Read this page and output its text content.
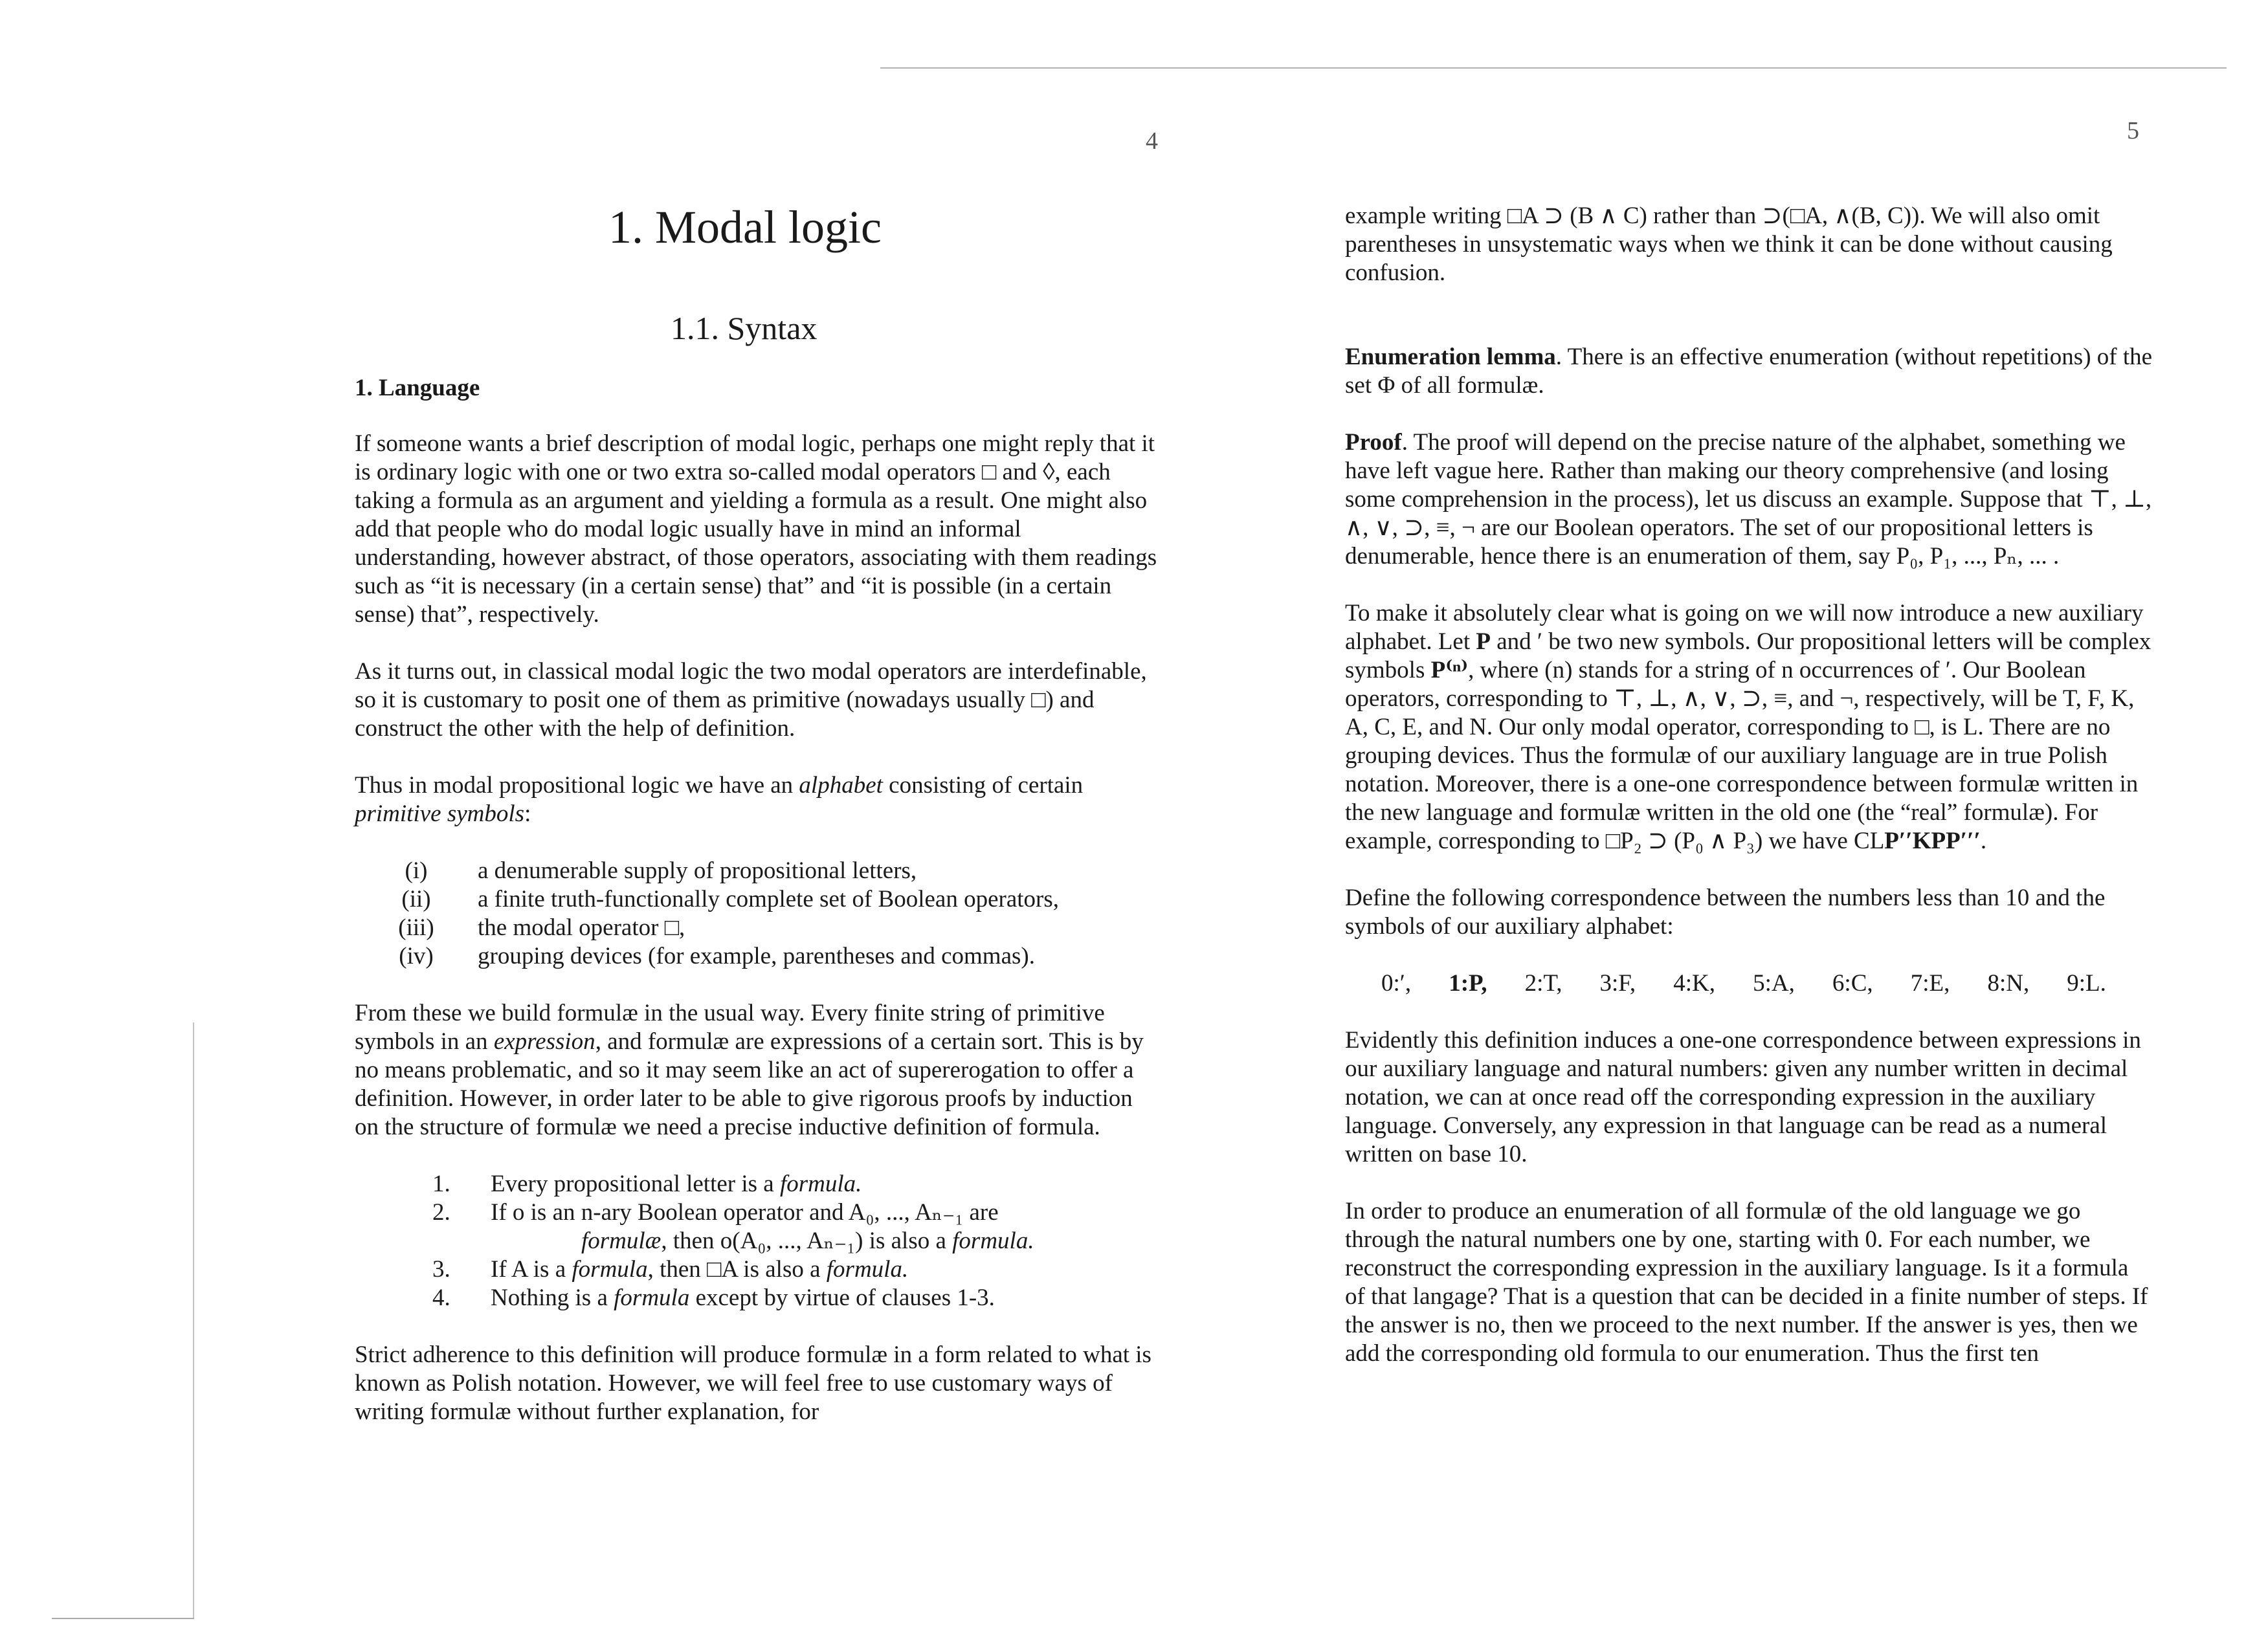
4
1. Modal logic
1.1. Syntax
1. Language

If someone wants a brief description of modal logic, perhaps one might reply that it is ordinary logic with one or two extra so-called modal operators □ and ◊, each taking a formula as an argument and yielding a formula as a result. One might also add that people who do modal logic usually have in mind an informal understanding, however abstract, of those operators, associating with them readings such as “it is necessary (in a certain sense) that” and “it is possible (in a certain sense) that”, respectively.

As it turns out, in classical modal logic the two modal operators are interdefinable, so it is customary to posit one of them as primitive (nowadays usually □) and construct the other with the help of definition.

Thus in modal propositional logic we have an alphabet consisting of certain primitive symbols:

(i)	a denumerable supply of propositional letters,
(ii)	a finite truth-functionally complete set of Boolean operators,
(iii)	the modal operator □,
(iv)	grouping devices (for example, parentheses and commas).

From these we build formulæ in the usual way. Every finite string of primitive symbols in an expression, and formulæ are expressions of a certain sort. This is by no means problematic, and so it may seem like an act of supererogation to offer a definition. However, in order later to be able to give rigorous proofs by induction on the structure of formulæ we need a precise inductive definition of formula.

1.	Every propositional letter is a formula.
2.	If o is an n-ary Boolean operator and A₀, ..., Aₙ₋₁ are
formulæ, then o(A₀, ..., Aₙ₋₁) is also a formula.
3.	If A is a formula, then □A is also a formula.
4.	Nothing is a formula except by virtue of clauses 1-3.

Strict adherence to this definition will produce formulæ in a form related to what is known as Polish notation. However, we will feel free to use customary ways of writing formulæ without further explanation, for

5

example writing □A ⊃ (B ∧ C) rather than ⊃(□A, ∧(B, C)). We will also omit parentheses in unsystematic ways when we think it can be done without causing confusion.

Enumeration lemma. There is an effective enumeration (without repetitions) of the set Φ of all formulæ.

Proof. The proof will depend on the precise nature of the alphabet, something we have left vague here. Rather than making our theory comprehensive (and losing some comprehension in the process), let us discuss an example. Suppose that ⊤, ⊥, ∧, ∨, ⊃, ≡, ¬ are our Boolean operators. The set of our propositional letters is denumerable, hence there is an enumeration of them, say P₀, P₁, ..., Pₙ, ... .

To make it absolutely clear what is going on we will now introduce a new auxiliary alphabet. Let P and ′ be two new symbols. Our propositional letters will be complex symbols P⁽ⁿ⁾, where (n) stands for a string of n occurrences of ′. Our Boolean operators, corresponding to ⊤, ⊥, ∧, ∨, ⊃, ≡, and ¬, respectively, will be T, F, K, A, C, E, and N. Our only modal operator, corresponding to □, is L. There are no grouping devices. Thus the formulæ of our auxiliary language are in true Polish notation. Moreover, there is a one-one correspondence between formulæ written in the new language and formulæ written in the old one (the “real” formulæ). For example, corresponding to □P₂ ⊃ (P₀ ∧ P₃) we have CLP′′KPP′′′.

Define the following correspondence between the numbers less than 10 and the symbols of our auxiliary alphabet:

0:′, 1:P, 2:T, 3:F, 4:K, 5:A, 6:C, 7:E, 8:N, 9:L.

Evidently this definition induces a one-one correspondence between expressions in our auxiliary language and natural numbers: given any number written in decimal notation, we can at once read off the corresponding expression in the auxiliary language. Conversely, any expression in that language can be read as a numeral written on base 10.

In order to produce an enumeration of all formulæ of the old language we go through the natural numbers one by one, starting with 0. For each number, we reconstruct the corresponding expression in the auxiliary language. Is it a formula of that langage? That is a question that can be decided in a finite number of steps. If the answer is no, then we proceed to the next number. If the answer is yes, then we add the corresponding old formula to our enumeration. Thus the first ten
